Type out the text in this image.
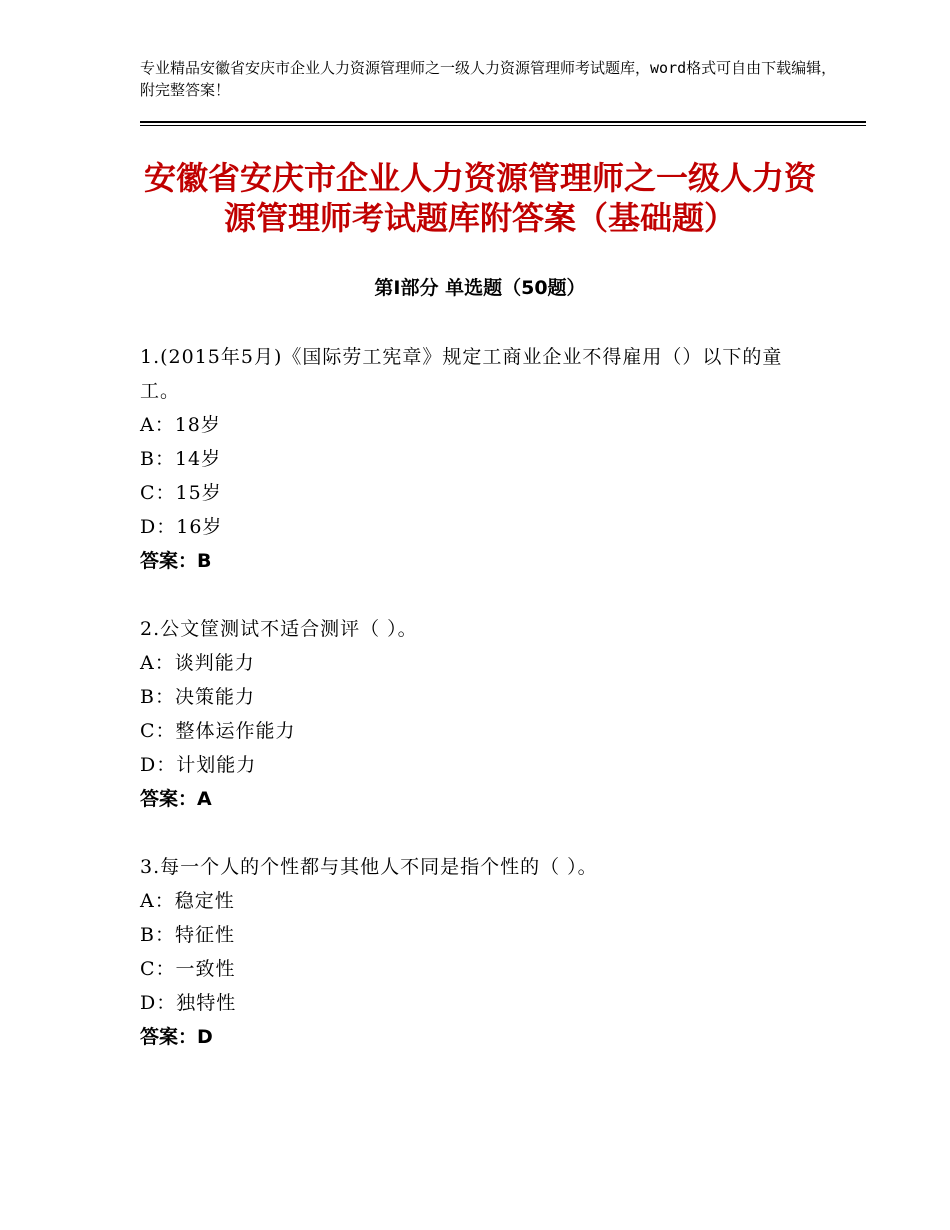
专业精品安徽省安庆市企业人力资源管理师之一级人力资源管理师考试题库，word格式可自由下载编辑，附完整答案！
安徽省安庆市企业人力资源管理师之一级人力资源管理师考试题库附答案（基础题）
第Ⅰ部分 单选题（50题）
1.(2015年5月)《国际劳工宪章》规定工商业企业不得雇用（）以下的童工。
A：18岁
B：14岁
C：15岁
D：16岁
答案：B
2.公文筐测试不适合测评（ ）。
A：谈判能力
B：决策能力
C：整体运作能力
D：计划能力
答案：A
3.每一个人的个性都与其他人不同是指个性的（ ）。
A：稳定性
B：特征性
C：一致性
D：独特性
答案：D
